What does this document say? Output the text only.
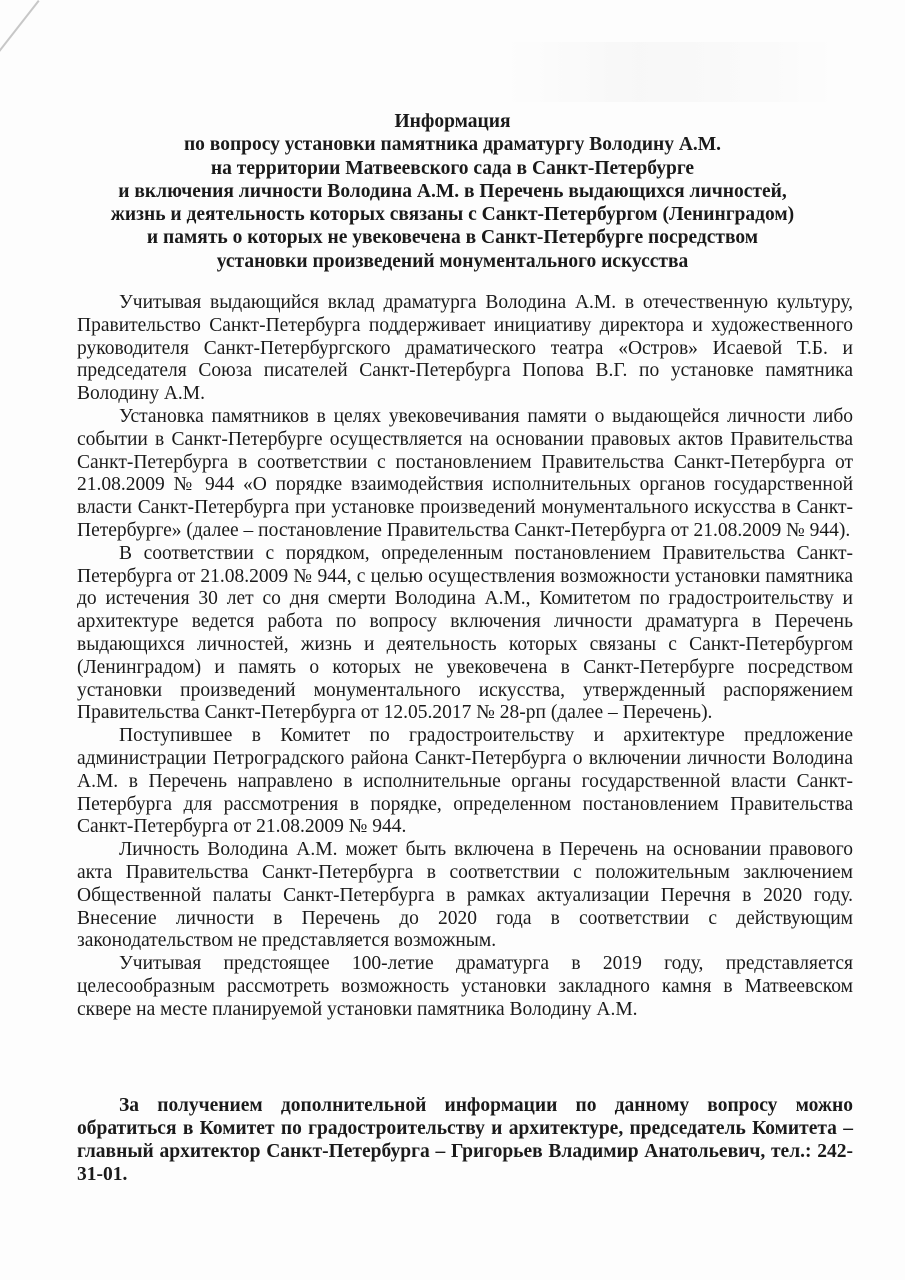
Информация
по вопросу установки памятника драматургу Володину А.М.
на территории Матвеевского сада в Санкт-Петербурге
и включения личности Володина А.М. в Перечень выдающихся личностей,
жизнь и деятельность которых связаны с Санкт-Петербургом (Ленинградом)
и память о которых не увековечена в Санкт-Петербурге посредством
установки произведений монументального искусства

Учитывая выдающийся вклад драматурга Володина А.М. в отечественную культуру, Правительство Санкт-Петербурга поддерживает инициативу директора и художественного руководителя Санкт-Петербургского драматического театра «Остров» Исаевой Т.Б. и председателя Союза писателей Санкт-Петербурга Попова В.Г. по установке памятника Володину А.М.

Установка памятников в целях увековечивания памяти о выдающейся личности либо событии в Санкт-Петербурге осуществляется на основании правовых актов Правительства Санкт-Петербурга в соответствии с постановлением Правительства Санкт-Петербурга от 21.08.2009 № 944 «О порядке взаимодействия исполнительных органов государственной власти Санкт-Петербурга при установке произведений монументального искусства в Санкт-Петербурге» (далее – постановление Правительства Санкт-Петербурга от 21.08.2009 № 944).

В соответствии с порядком, определенным постановлением Правительства Санкт-Петербурга от 21.08.2009 № 944, с целью осуществления возможности установки памятника до истечения 30 лет со дня смерти Володина А.М., Комитетом по градостроительству и архитектуре ведется работа по вопросу включения личности драматурга в Перечень выдающихся личностей, жизнь и деятельность которых связаны с Санкт-Петербургом (Ленинградом) и память о которых не увековечена в Санкт-Петербурге посредством установки произведений монументального искусства, утвержденный распоряжением Правительства Санкт-Петербурга от 12.05.2017 № 28-рп (далее – Перечень).

Поступившее в Комитет по градостроительству и архитектуре предложение администрации Петроградского района Санкт-Петербурга о включении личности Володина А.М. в Перечень направлено в исполнительные органы государственной власти Санкт-Петербурга для рассмотрения в порядке, определенном постановлением Правительства Санкт-Петербурга от 21.08.2009 № 944.

Личность Володина А.М. может быть включена в Перечень на основании правового акта Правительства Санкт-Петербурга в соответствии с положительным заключением Общественной палаты Санкт-Петербурга в рамках актуализации Перечня в 2020 году. Внесение личности в Перечень до 2020 года в соответствии с действующим законодательством не представляется возможным.

Учитывая предстоящее 100-летие драматурга в 2019 году, представляется целесообразным рассмотреть возможность установки закладного камня в Матвеевском сквере на месте планируемой установки памятника Володину А.М.

За получением дополнительной информации по данному вопросу можно обратиться в Комитет по градостроительству и архитектуре, председатель Комитета – главный архитектор Санкт-Петербурга – Григорьев Владимир Анатольевич, тел.: 242-31-01.
